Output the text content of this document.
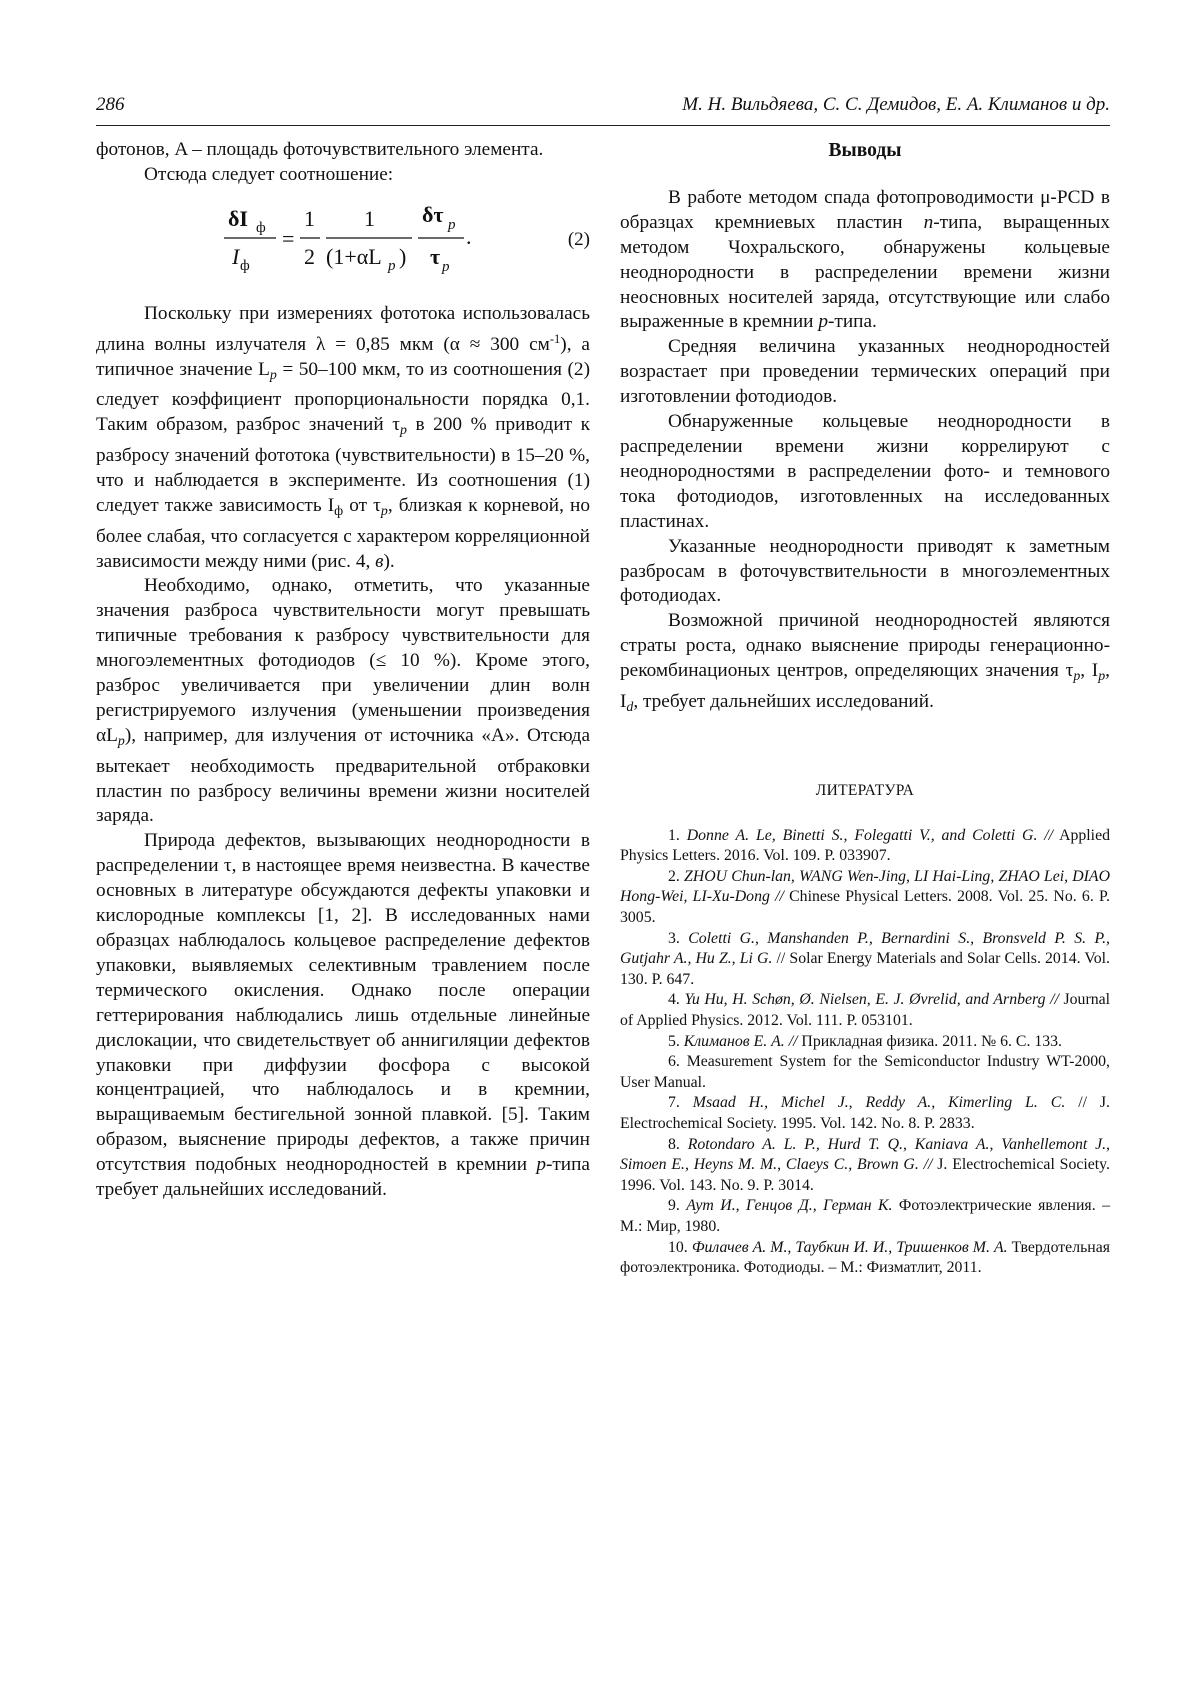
286	М. Н. Вильдяева, С. С. Демидов, Е. А. Климанов и др.

фотонов, A – площадь фоточувствительного элемента.

Отсюда следует соотношение:

δI ф
I ф
=
1
2
1
(1+αL p )
δτ p
τ p
.	(2)

Поскольку при измерениях фототока использовалась длина волны излучателя λ = 0,85 мкм (α ≈ 300 $см^{-1}$), а типичное значение $L_p = 50-100$ мкм, то из соотношения (2) следует коэффициент пропорциональности порядка 0,1. Таким образом, разброс значений $\tau_p$ в 200 % приводит к разбросу значений фототока (чувствительности) в 15–20 %, что и наблюдается в эксперименте. Из соотношения (1) следует также зависимость $I_ф$ от $\tau_p$, близкая к корневой, но более слабая, что согласуется с характером корреляционной зависимости между ними (рис. 4, в).

Необходимо, однако, отметить, что указанные значения разброса чувствительности могут превышать типичные требования к разбросу чувствительности для многоэлементных фотодиодов (≤ 10 %). Кроме этого, разброс увеличивается при увеличении длин волн регистрируемого излучения (уменьшении произведения $\alpha L_p$), например, для излучения от источника «А». Отсюда вытекает необходимость предварительной отбраковки пластин по разбросу величины времени жизни носителей заряда.

Природа дефектов, вызывающих неоднородности в распределении τ, в настоящее время неизвестна. В качестве основных в литературе обсуждаются дефекты упаковки и кислородные комплексы [1, 2]. В исследованных нами образцах наблюдалось кольцевое распределение дефектов упаковки, выявляемых селективным травлением после термического окисления. Однако после операции геттерирования наблюдались лишь отдельные линейные дислокации, что свидетельствует об аннигиляции дефектов упаковки при диффузии фосфора с высокой концентрацией, что наблюдалось и в кремнии, выращиваемым бестигельной зонной плавкой. [5]. Таким образом, выяснение природы дефектов, а также причин отсутствия подобных неоднородностей в кремнии p-типа требует дальнейших исследований.

Выводы

В работе методом спада фотопроводимости μ-PCD в образцах кремниевых пластин n-типа, выращенных методом Чохральского, обнаружены кольцевые неоднородности в распределении времени жизни неосновных носителей заряда, отсутствующие или слабо выраженные в кремнии p-типа.

Средняя величина указанных неоднородностей возрастает при проведении термических операций при изготовлении фотодиодов.

Обнаруженные кольцевые неоднородности в распределении времени жизни коррелируют с неоднородностями в распределении фото- и темнового тока фотодиодов, изготовленных на исследованных пластинах.

Указанные неоднородности приводят к заметным разбросам в фоточувствительности в многоэлементных фотодиодах.

Возможной причиной неоднородностей являются страты роста, однако выяснение природы генерационно-рекомбинационых центров, определяющих значения $\tau_p$, $I_p$, $I_d$, требует дальнейших исследований.

ЛИТЕРАТУРА

1. Donne A. Le, Binetti S., Folegatti V., and Coletti G. // Applied Physics Letters. 2016. Vol. 109. P. 033907.

2. ZHOU Chun-lan, WANG Wen-Jing, LI Hai-Ling, ZHAO Lei, DIAO Hong-Wei, LI-Xu-Dong // Chinese Physical Letters. 2008. Vol. 25. No. 6. P. 3005.

3. Coletti G., Manshanden P., Bernardini S., Bronsveld P. S. P., Gutjahr A., Hu Z., Li G. // Solar Energy Materials and Solar Cells. 2014. Vol. 130. P. 647.

4. Yu Hu, H. Schøn, Ø. Nielsen, E. J. Øvrelid, and Arnberg // Journal of Applied Physics. 2012. Vol. 111. P. 053101.

5. Климанов Е. А. // Прикладная физика. 2011. № 6. С. 133.

6. Measurement System for the Semiconductor Industry WT-2000, User Manual.

7. Msaad H., Michel J., Reddy A., Kimerling L. C. // J. Electrochemical Society. 1995. Vol. 142. No. 8. P. 2833.

8. Rotondaro A. L. P., Hurd T. Q., Kaniava A., Vanhellemont J., Simoen E., Heyns M. M., Claeys C., Brown G. // J. Electrochemical Society. 1996. Vol. 143. No. 9. P. 3014.

9. Аут И., Генцов Д., Герман К. Фотоэлектрические явления. – М.: Мир, 1980.

10. Филачев А. М., Таубкин И. И., Тришенков М. А. Твердотельная фотоэлектроника. Фотодиоды. – М.: Физматлит, 2011.
